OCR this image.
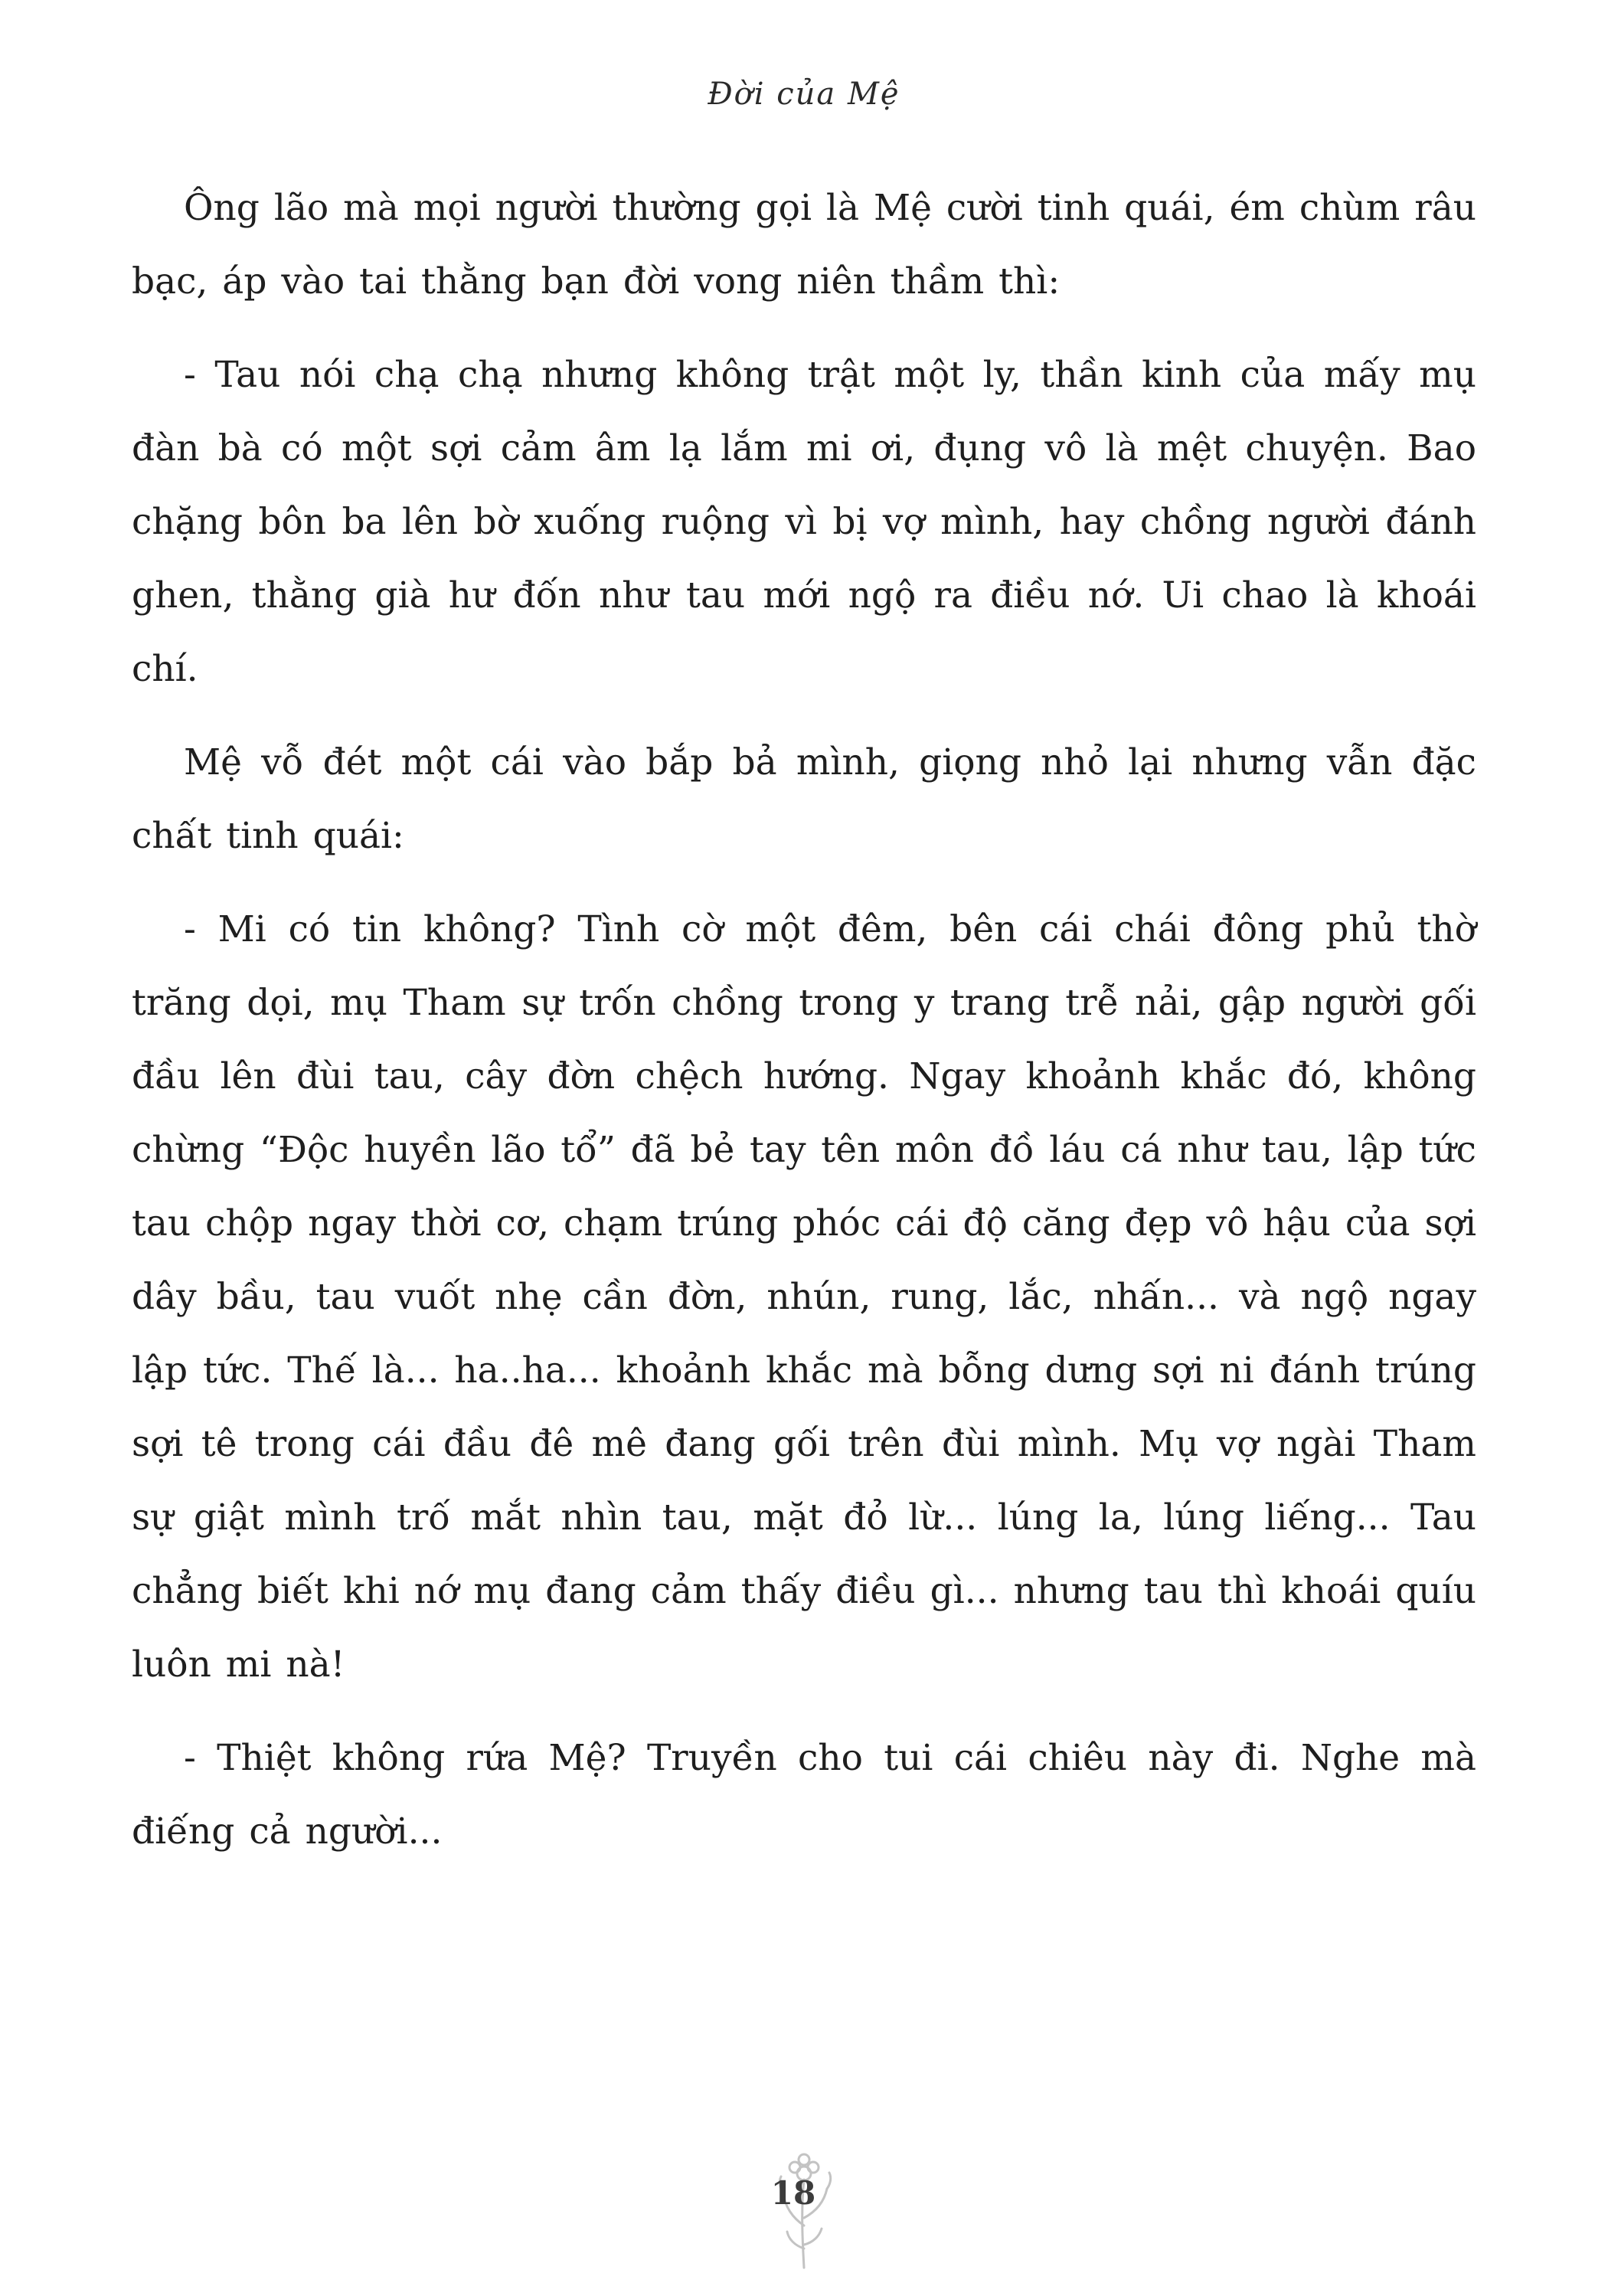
Đời của Mệ

Ông lão mà mọi người thường gọi là Mệ cười tinh quái, ém chùm râu bạc, áp vào tai thằng bạn đời vong niên thầm thì:

- Tau nói chạ chạ nhưng không trật một ly, thần kinh của mấy mụ đàn bà có một sợi cảm âm lạ lắm mi ơi, đụng vô là mệt chuyện. Bao chặng bôn ba lên bờ xuống ruộng vì bị vợ mình, hay chồng người đánh ghen, thằng già hư đốn như tau mới ngộ ra điều nớ. Ui chao là khoái chí.

Mệ vỗ đét một cái vào bắp bả mình, giọng nhỏ lại nhưng vẫn đặc chất tinh quái:

- Mi có tin không? Tình cờ một đêm, bên cái chái đông phủ thờ trăng dọi, mụ Tham sự trốn chồng trong y trang trễ nải, gập người gối đầu lên đùi tau, cây đờn chệch hướng. Ngay khoảnh khắc đó, không chừng “Độc huyền lão tổ” đã bẻ tay tên môn đồ láu cá như tau, lập tức tau chộp ngay thời cơ, chạm trúng phóc cái độ căng đẹp vô hậu của sợi dây bầu, tau vuốt nhẹ cần đờn, nhún, rung, lắc, nhấn... và ngộ ngay lập tức. Thế là... ha..ha... khoảnh khắc mà bỗng dưng sợi ni đánh trúng sợi tê trong cái đầu đê mê đang gối trên đùi mình. Mụ vợ ngài Tham sự giật mình trố mắt nhìn tau, mặt đỏ lừ... lúng la, lúng liếng... Tau chẳng biết khi nớ mụ đang cảm thấy điều gì... nhưng tau thì khoái quíu luôn mi nà!

- Thiệt không rứa Mệ? Truyền cho tui cái chiêu này đi. Nghe mà điếng cả người...

18
